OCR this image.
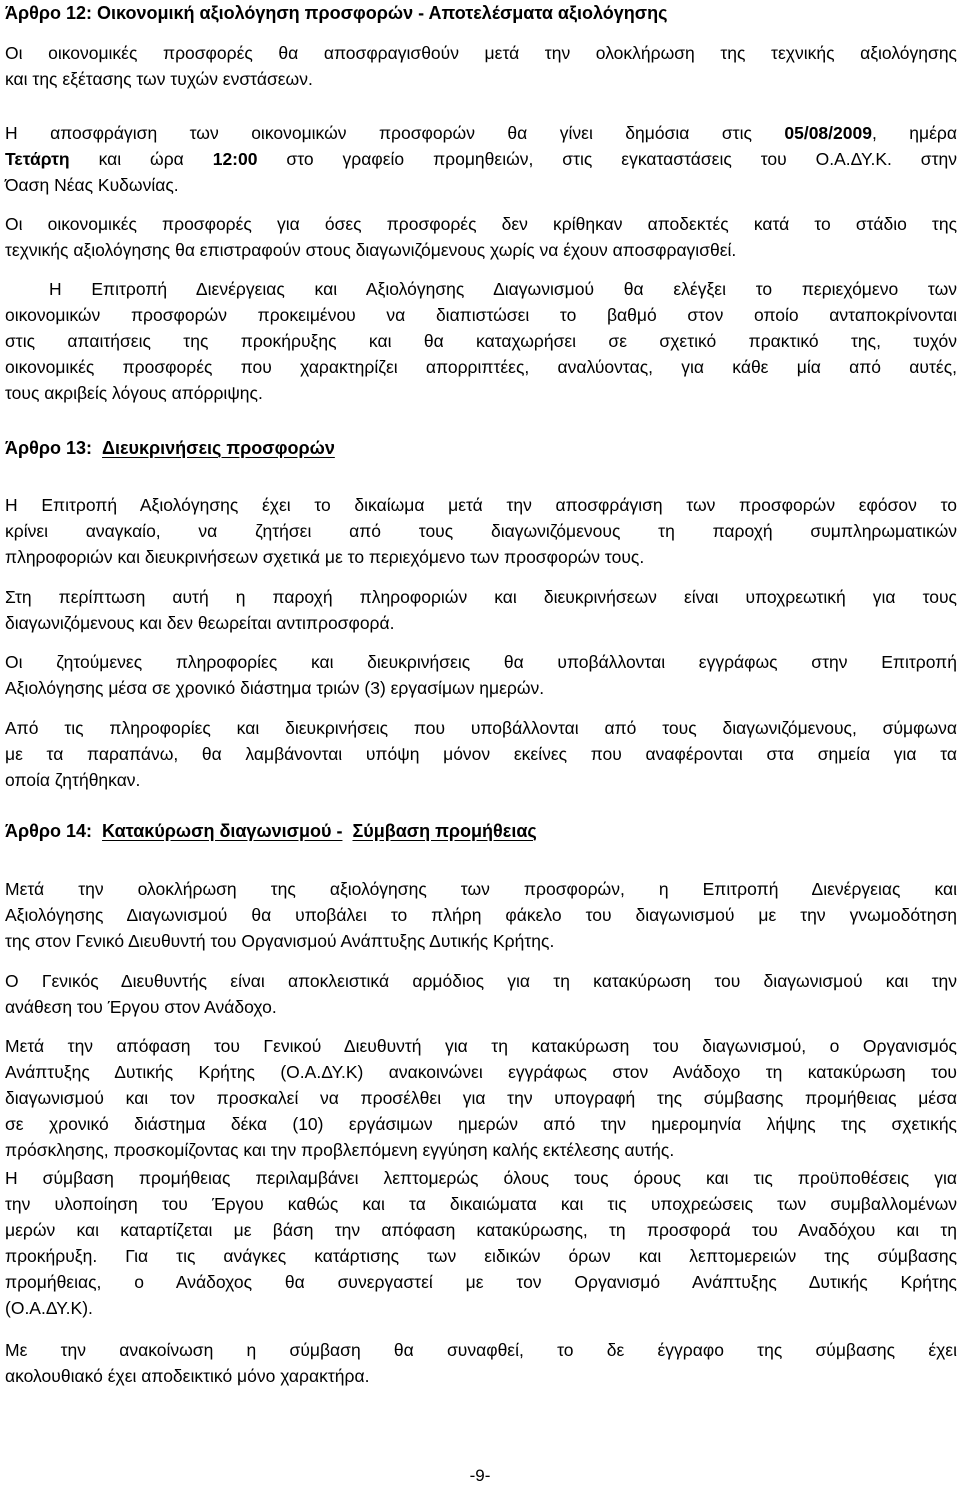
Άρθρο 12: Οικονομική αξιολόγηση προσφορών - Αποτελέσματα αξιολόγησης

Οι οικονομικές προσφορές θα αποσφραγισθούν μετά την ολοκλήρωση της τεχνικής αξιολόγησης
και της εξέτασης των τυχών ενστάσεων.

Η αποσφράγιση των οικονομικών προσφορών θα γίνει δημόσια στις 05/08/2009, ημέρα
Τετάρτη και ώρα 12:00 στο γραφείο προμηθειών, στις εγκαταστάσεις του Ο.Α.ΔΥ.Κ. στην
Όαση Νέας Κυδωνίας.

Οι οικονομικές προσφορές για όσες προσφορές δεν κρίθηκαν αποδεκτές κατά το στάδιο της
τεχνικής αξιολόγησης θα επιστραφούν στους διαγωνιζόμενους χωρίς να έχουν αποσφραγισθεί.

Η Επιτροπή Διενέργειας και Αξιολόγησης Διαγωνισμού θα ελέγξει το περιεχόμενο των
οικονομικών προσφορών προκειμένου να διαπιστώσει το βαθμό στον οποίο ανταποκρίνονται
στις απαιτήσεις της προκήρυξης και θα καταχωρήσει σε σχετικό πρακτικό της, τυχόν
οικονομικές προσφορές που χαρακτηρίζει απορριπτέες, αναλύοντας, για κάθε μία από αυτές,
τους ακριβείς λόγους απόρριψης.

Άρθρο 13: Διευκρινήσεις προσφορών

Η Επιτροπή Αξιολόγησης έχει το δικαίωμα μετά την αποσφράγιση των προσφορών εφόσον το
κρίνει αναγκαίο, να ζητήσει από τους διαγωνιζόμενους τη παροχή συμπληρωματικών
πληροφοριών και διευκρινήσεων σχετικά με το περιεχόμενο των προσφορών τους.

Στη περίπτωση αυτή η παροχή πληροφοριών και διευκρινήσεων είναι υποχρεωτική για τους
διαγωνιζόμενους και δεν θεωρείται αντιπροσφορά.

Οι ζητούμενες πληροφορίες και διευκρινήσεις θα υποβάλλονται εγγράφως στην Επιτροπή
Αξιολόγησης μέσα σε χρονικό διάστημα τριών (3) εργασίμων ημερών.

Από τις πληροφορίες και διευκρινήσεις που υποβάλλονται από τους διαγωνιζόμενους, σύμφωνα
με τα παραπάνω, θα λαμβάνονται υπόψη μόνον εκείνες που αναφέρονται στα σημεία για τα
οποία ζητήθηκαν.

Άρθρο 14: Κατακύρωση διαγωνισμού - Σύμβαση προμήθειας

Μετά την ολοκλήρωση της αξιολόγησης των προσφορών, η Επιτροπή Διενέργειας και
Αξιολόγησης Διαγωνισμού θα υποβάλει το πλήρη φάκελο του διαγωνισμού με την γνωμοδότηση
της στον Γενικό Διευθυντή του Οργανισμού Ανάπτυξης Δυτικής Κρήτης.

Ο Γενικός Διευθυντής είναι αποκλειστικά αρμόδιος για τη κατακύρωση του διαγωνισμού και την
ανάθεση του Έργου στον Ανάδοχο.

Μετά την απόφαση του Γενικού Διευθυντή για τη κατακύρωση του διαγωνισμού, ο Οργανισμός
Ανάπτυξης Δυτικής Κρήτης (Ο.Α.ΔΥ.Κ) ανακοινώνει εγγράφως στον Ανάδοχο τη κατακύρωση του
διαγωνισμού και τον προσκαλεί να προσέλθει για την υπογραφή της σύμβασης προμήθειας μέσα
σε χρονικό διάστημα δέκα (10) εργάσιμων ημερών από την ημερομηνία λήψης της σχετικής
πρόσκλησης, προσκομίζοντας και την προβλεπόμενη εγγύηση καλής εκτέλεσης αυτής.

Η σύμβαση προμήθειας περιλαμβάνει λεπτομερώς όλους τους όρους και τις προϋποθέσεις για
την υλοποίηση του Έργου καθώς και τα δικαιώματα και τις υποχρεώσεις των συμβαλλομένων
μερών και καταρτίζεται με βάση την απόφαση κατακύρωσης, τη προσφορά του Αναδόχου και τη
προκήρυξη. Για τις ανάγκες κατάρτισης των ειδικών όρων και λεπτομερειών της σύμβασης
προμήθειας, ο Ανάδοχος θα συνεργαστεί με τον Οργανισμό Ανάπτυξης Δυτικής Κρήτης
(Ο.Α.ΔΥ.Κ).

Με την ανακοίνωση η σύμβαση θα συναφθεί, το δε έγγραφο της σύμβασης έχει
ακολουθιακό έχει αποδεικτικό μόνο χαρακτήρα.

-9-
